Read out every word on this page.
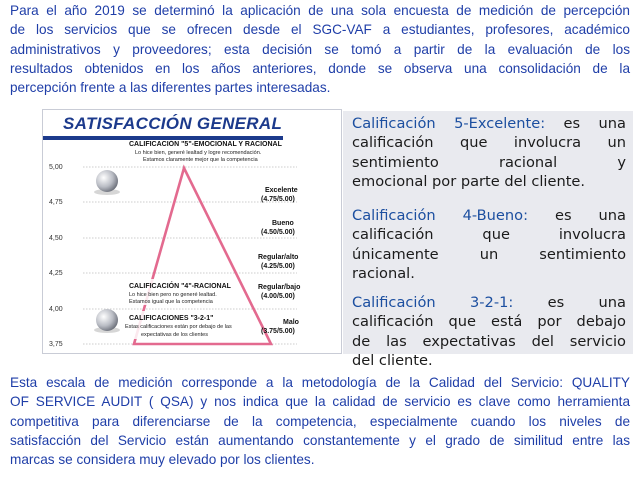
Para el año 2019 se determinó la aplicación de una sola encuesta de medición de percepción
de los servicios que se ofrecen desde el SGC-VAF a estudiantes, profesores, académico
administrativos y proveedores; esta decisión se tomó a partir de la evaluación de los
resultados obtenidos en los años anteriores, donde se observa una consolidación de la
percepción frente a las diferentes partes interesadas.
5,00
4,75
4,50
4,25
4,00
3,75
Excelente
(4.75/5.00)
Bueno
(4.50/5.00)
Regular/alto
(4.25/5.00)
Regular/bajo
(4.00/5.00)
Malo
(3.75/5.00)
CALIFICACIÓN "5"-EMOCIONAL Y RACIONAL
Lo hice bien, generé lealtad y logre recomendación.
Estamos claramente mejor que la competencia
CALIFICACIÓN "4"-RACIONAL
Lo hice bien pero no generé lealtad.
Estamos igual que la competencia
CALIFICACIONES "3-2-1"
Estas calificaciones están por debajo de las
expectativas de los clientes
SATISFACCIÓN GENERAL	Calificación 5-Excelente: es una
calificación que involucra un
sentimiento racional y
emocional por parte del cliente.

Calificación 4-Bueno: es una
calificación que involucra
únicamente un sentimiento
racional.

Calificación 3-2-1: es una
calificación que está por debajo
de las expectativas del servicio
del cliente.

Esta escala de medición corresponde a la metodología de la Calidad del Servicio: QUALITY
OF SERVICE AUDIT ( QSA) y nos indica que la calidad de servicio es clave como herramienta
competitiva para diferenciarse de la competencia, especialmente cuando los niveles de
satisfacción del Servicio están aumentando constantemente y el grado de similitud entre las
marcas se considera muy elevado por los clientes.
